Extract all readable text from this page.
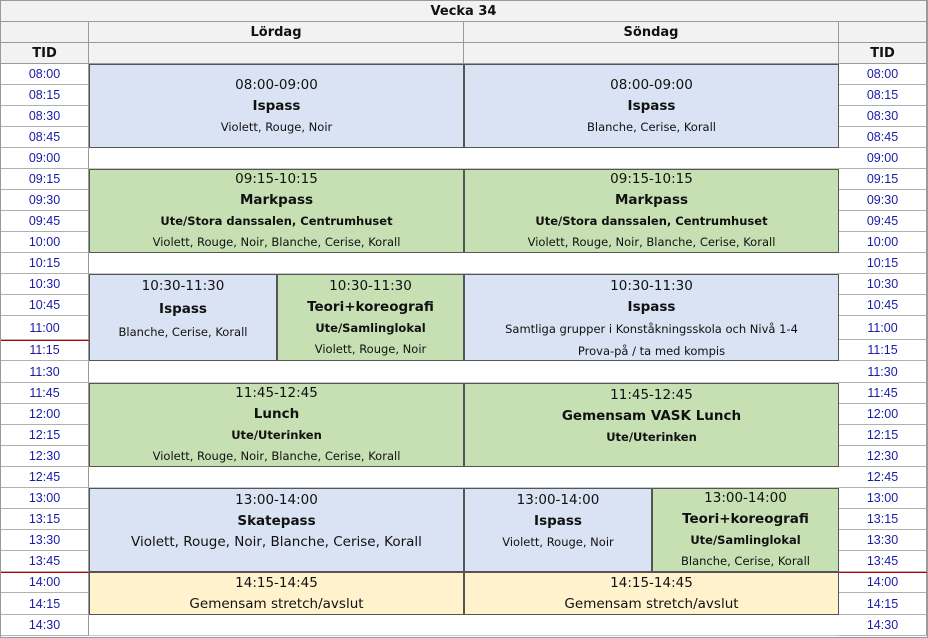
Vecka 34
Lördag	Söndag
TID	TID
08:00
08:15
08:30
08:45
09:00
09:15
09:30
09:45
10:00
10:15
10:30
10:45
11:00
11:15
11:30
11:45
12:00
12:15
12:30
12:45
13:00
13:15
13:30
13:45
14:00
14:15
14:30
08:00
08:15
08:30
08:45
09:00
09:15
09:30
09:45
10:00
10:15
10:30
10:45
11:00
11:15
11:30
11:45
12:00
12:15
12:30
12:45
13:00
13:15
13:30
13:45
14:00
14:15
14:30
08:00-09:00
Ispass
Violett, Rouge, Noir
09:15-10:15
Markpass
Ute/Stora danssalen, Centrumhuset
Violett, Rouge, Noir, Blanche, Cerise, Korall
10:30-11:30
Ispass
Blanche, Cerise, Korall
10:30-11:30
Teori+koreografi
Ute/Samlinglokal
Violett, Rouge, Noir
11:45-12:45
Lunch
Ute/Uterinken
Violett, Rouge, Noir, Blanche, Cerise, Korall
13:00-14:00
Skatepass
Violett, Rouge, Noir, Blanche, Cerise, Korall
14:15-14:45
Gemensam stretch/avslut
08:00-09:00
Ispass
Blanche, Cerise, Korall
09:15-10:15
Markpass
Ute/Stora danssalen, Centrumhuset
Violett, Rouge, Noir, Blanche, Cerise, Korall
10:30-11:30
Ispass
Samtliga grupper i Konståkningsskola och Nivå 1-4
Prova-på / ta med kompis
11:45-12:45
Gemensam VASK Lunch
Ute/Uterinken
13:00-14:00
Ispass
Violett, Rouge, Noir
13:00-14:00
Teori+koreografi
Ute/Samlinglokal
Blanche, Cerise, Korall
14:15-14:45
Gemensam stretch/avslut
